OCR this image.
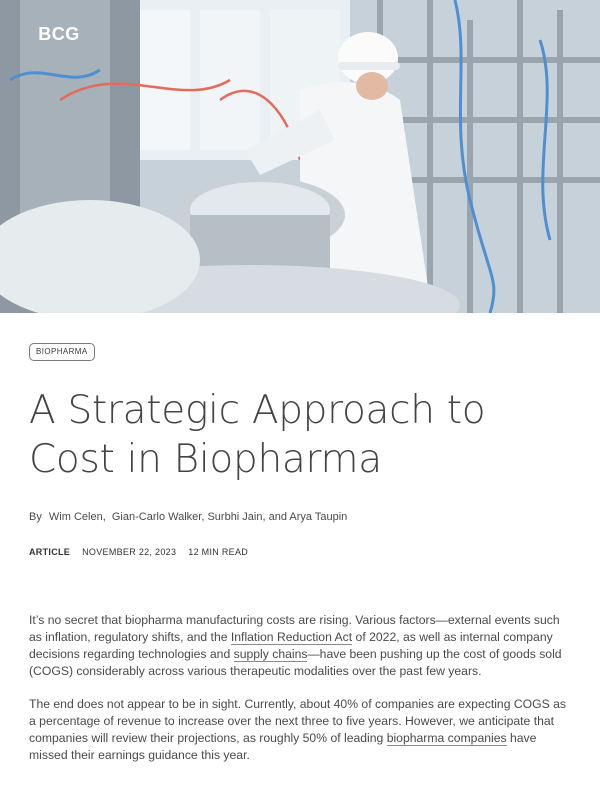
BCG
BIOPHARMA
A Strategic Approach to
Cost in Biopharma
By Wim Celen, Gian-Carlo Walker, Surbhi Jain, and Arya Taupin
ARTICLE NOVEMBER 22, 2023 12 MIN READ

It’s no secret that biopharma manufacturing costs are rising. Various factors—external events such as inflation, regulatory shifts, and the Inflation Reduction Act of 2022, as well as internal company decisions regarding technologies and supply chains—have been pushing up the cost of goods sold (COGS) considerably across various therapeutic modalities over the past few years.

The end does not appear to be in sight. Currently, about 40% of companies are expecting COGS as a percentage of revenue to increase over the next three to five years. However, we anticipate that companies will review their projections, as roughly 50% of leading biopharma companies have missed their earnings guidance this year.
